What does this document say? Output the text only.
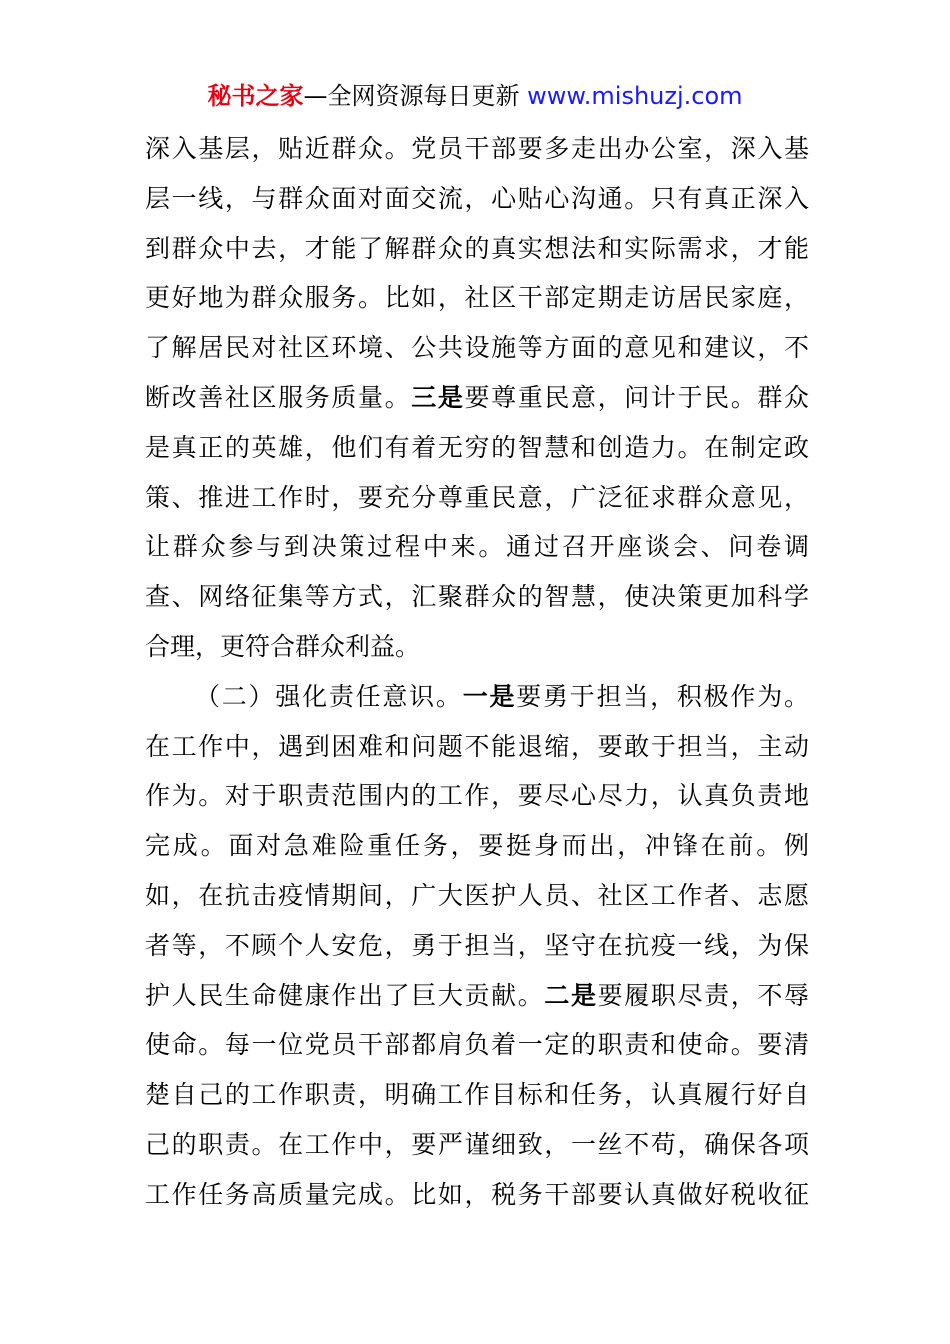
秘书之家—全网资源每日更新 www.mishuzj.com
深入基层，贴近群众。党员干部要多走出办公室，深入基
层一线，与群众面对面交流，心贴心沟通。只有真正深入
到群众中去，才能了解群众的真实想法和实际需求，才能
更好地为群众服务。比如，社区干部定期走访居民家庭，
了解居民对社区环境、公共设施等方面的意见和建议，不
断改善社区服务质量。三是要尊重民意，问计于民。群众
是真正的英雄，他们有着无穷的智慧和创造力。在制定政
策、推进工作时，要充分尊重民意，广泛征求群众意见，
让群众参与到决策过程中来。通过召开座谈会、问卷调
查、网络征集等方式，汇聚群众的智慧，使决策更加科学
合理，更符合群众利益。
（二）强化责任意识。一是要勇于担当，积极作为。
在工作中，遇到困难和问题不能退缩，要敢于担当，主动
作为。对于职责范围内的工作，要尽心尽力，认真负责地
完成。面对急难险重任务，要挺身而出，冲锋在前。例
如，在抗击疫情期间，广大医护人员、社区工作者、志愿
者等，不顾个人安危，勇于担当，坚守在抗疫一线，为保
护人民生命健康作出了巨大贡献。二是要履职尽责，不辱
使命。每一位党员干部都肩负着一定的职责和使命。要清
楚自己的工作职责，明确工作目标和任务，认真履行好自
己的职责。在工作中，要严谨细致，一丝不苟，确保各项
工作任务高质量完成。比如，税务干部要认真做好税收征
